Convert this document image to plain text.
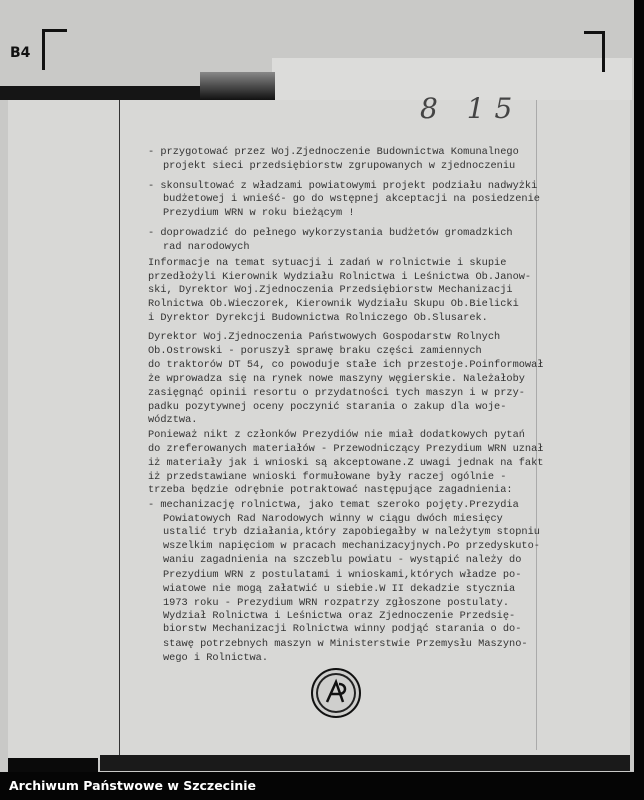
B4
8 15
- przygotować przez Woj.Zjednoczenie Budownictwa Komunalnego
projekt sieci przedsiębiorstw zgrupowanych w zjednoczeniu
- skonsultować z władzami powiatowymi projekt podziału nadwyżki
budżetowej i wnieść- go do wstępnej akceptacji na posiedzenie
Prezydium WRN w roku bieżącym !
- doprowadzić do pełnego wykorzystania budżetów gromadzkich
rad narodowych
Informacje na temat sytuacji i zadań w rolnictwie i skupie
przedłożyli Kierownik Wydziału Rolnictwa i Leśnictwa Ob.Janow-
ski, Dyrektor Woj.Zjednoczenia Przedsiębiorstw Mechanizacji
Rolnictwa Ob.Wieczorek, Kierownik Wydziału Skupu Ob.Bielicki
i Dyrektor Dyrekcji Budownictwa Rolniczego Ob.Slusarek.
Dyrektor Woj.Zjednoczenia Państwowych Gospodarstw Rolnych
Ob.Ostrowski - poruszył sprawę braku części zamiennych
do traktorów DT 54, co powoduje stałe ich przestoje.Poinformował
że wprowadza się na rynek nowe maszyny węgierskie. Należałoby
zasięgnąć opinii resortu o przydatności tych maszyn i w przy-
padku pozytywnej oceny poczynić starania o zakup dla woje-
wództwa.
Ponieważ nikt z członków Prezydiów nie miał dodatkowych pytań
do zreferowanych materiałów - Przewodniczący Prezydium WRN uznał
iż materiały jak i wnioski są akceptowane.Z uwagi jednak na fakt
iż przedstawiane wnioski formułowane były raczej ogólnie -
trzeba będzie odrębnie potraktować następujące zagadnienia:
- mechanizację rolnictwa, jako temat szeroko pojęty.Prezydia
Powiatowych Rad Narodowych winny w ciągu dwóch miesięcy
ustalić tryb działania,który zapobiegałby w należytym stopniu
wszelkim napięciom w pracach mechanizacyjnych.Po przedyskuto-
waniu zagadnienia na szczeblu powiatu - wystąpić należy do
Prezydium WRN z postulatami i wnioskami,których władze po-
wiatowe nie mogą załatwić u siebie.W II dekadzie stycznia
1973 roku - Prezydium WRN rozpatrzy zgłoszone postulaty.
Wydział Rolnictwa i Leśnictwa oraz Zjednoczenie Przedsię-
biorstw Mechanizacji Rolnictwa winny podjąć starania o do-
stawę potrzebnych maszyn w Ministerstwie Przemysłu Maszyno-
wego i Rolnictwa.
Archiwum Państwowe w Szczecinie
